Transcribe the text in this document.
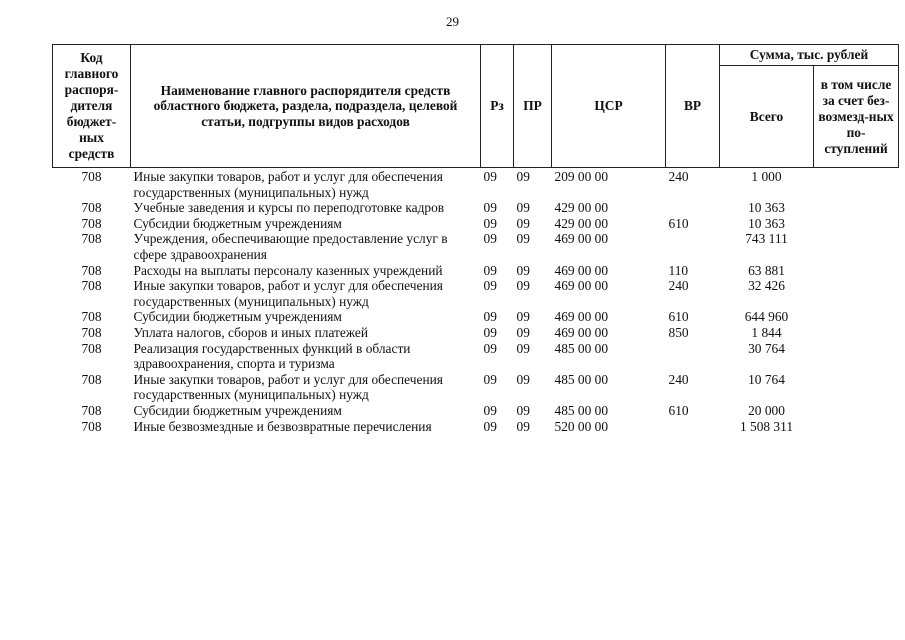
29
Код главного распоря-дителя бюджет-ных средств	Наименование главного распорядителя средств областного бюджета, раздела, подраздела, целевой статьи, подгруппы видов расходов	Рз	ПР	ЦСР	ВР	Сумма, тыс. рублей	
						Всего	в том числе за счет без-возмезд-ных по-ступлений
708	Иные закупки товаров, работ и услуг для обеспечения государственных (муниципальных) нужд	09	09	209 00 00	240	1 000	
708	Учебные заведения и курсы по переподготовке кадров	09	09	429 00 00		10 363	
708	Субсидии бюджетным учреждениям	09	09	429 00 00	610	10 363	
708	Учреждения, обеспечивающие предоставление услуг в сфере здравоохранения	09	09	469 00 00		743 111	
708	Расходы на выплаты персоналу казенных учреждений	09	09	469 00 00	110	63 881	
708	Иные закупки товаров, работ и услуг для обеспечения государственных (муниципальных) нужд	09	09	469 00 00	240	32 426	
708	Субсидии бюджетным учреждениям	09	09	469 00 00	610	644 960	
708	Уплата налогов, сборов и иных платежей	09	09	469 00 00	850	1 844	
708	Реализация государственных функций в области здравоохранения, спорта и туризма	09	09	485 00 00		30 764	
708	Иные закупки товаров, работ и услуг для обеспечения государственных (муниципальных) нужд	09	09	485 00 00	240	10 764	
708	Субсидии бюджетным учреждениям	09	09	485 00 00	610	20 000	
708	Иные безвозмездные и безвозвратные перечисления	09	09	520 00 00		1 508 311	
